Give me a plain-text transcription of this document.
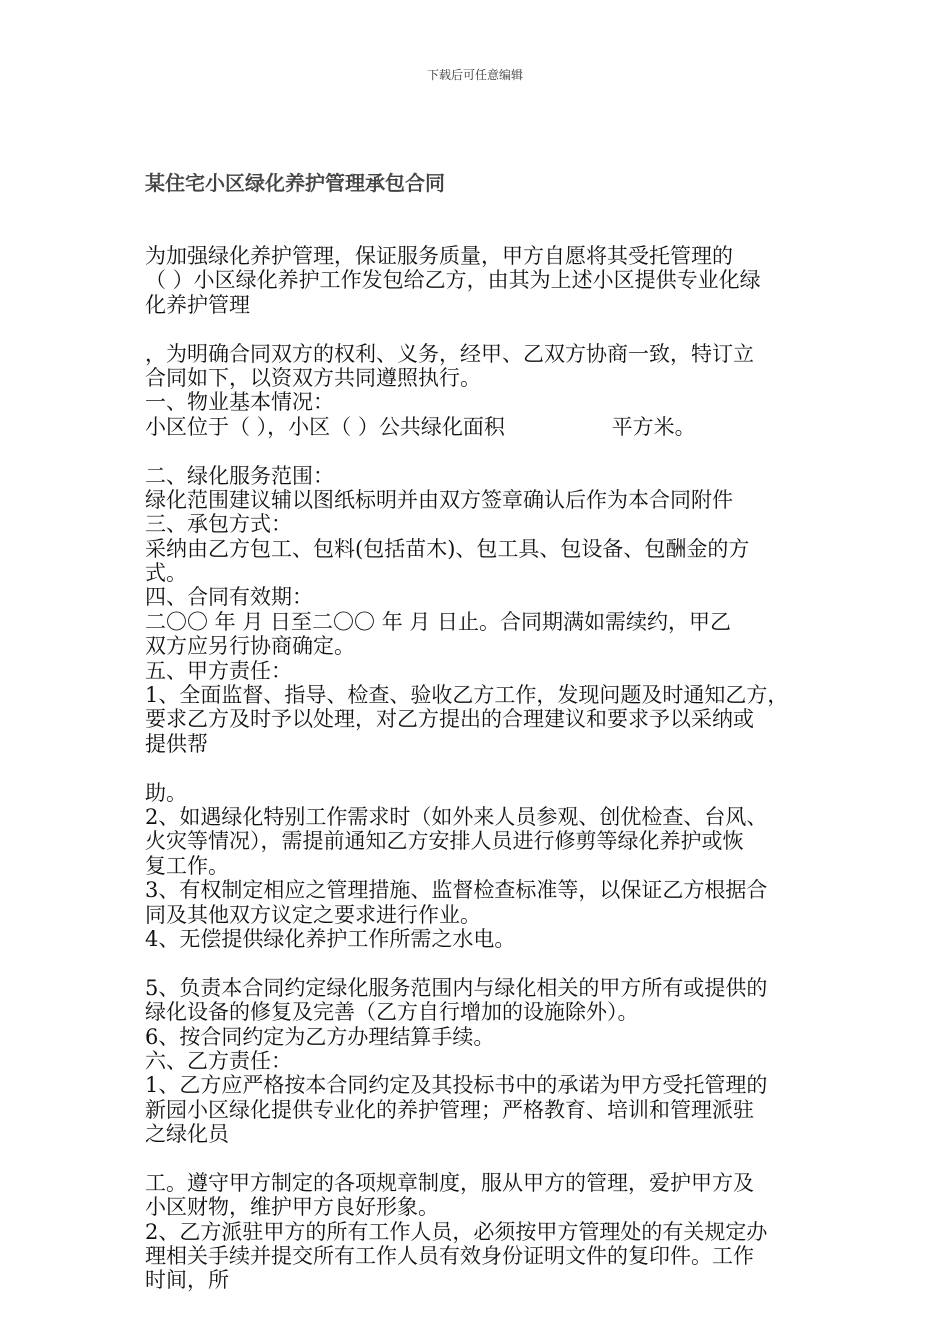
下载后可任意编辑

某住宅小区绿化养护管理承包合同

为加强绿化养护管理，保证服务质量，甲方自愿将其受托管理的
（ ）小区绿化养护工作发包给乙方，由其为上述小区提供专业化绿
化养护管理
，为明确合同双方的权利、义务，经甲、乙双方协商一致，特订立
合同如下，以资双方共同遵照执行。
一、物业基本情况：
小区位于（ ），小区（ ）公共绿化面积                平方米。
二、绿化服务范围：
绿化范围建议辅以图纸标明并由双方签章确认后作为本合同附件
三、承包方式：
采纳由乙方包工、包料(包括苗木)、包工具、包设备、包酬金的方
式。
四、合同有效期：
二〇〇 年 月 日至二〇〇 年 月 日止。合同期满如需续约，甲乙
双方应另行协商确定。
五、甲方责任：
1、全面监督、指导、检查、验收乙方工作，发现问题及时通知乙方，
要求乙方及时予以处理，对乙方提出的合理建议和要求予以采纳或
提供帮
助。
2、如遇绿化特别工作需求时（如外来人员参观、创优检查、台风、
火灾等情况），需提前通知乙方安排人员进行修剪等绿化养护或恢
复工作。
3、有权制定相应之管理措施、监督检查标准等，以保证乙方根据合
同及其他双方议定之要求进行作业。
4、无偿提供绿化养护工作所需之水电。
5、负责本合同约定绿化服务范围内与绿化相关的甲方所有或提供的
绿化设备的修复及完善（乙方自行增加的设施除外）。
6、按合同约定为乙方办理结算手续。
六、乙方责任：
1、乙方应严格按本合同约定及其投标书中的承诺为甲方受托管理的
新园小区绿化提供专业化的养护管理；严格教育、培训和管理派驻
之绿化员
工。遵守甲方制定的各项规章制度，服从甲方的管理，爱护甲方及
小区财物，维护甲方良好形象。
2、乙方派驻甲方的所有工作人员，必须按甲方管理处的有关规定办
理相关手续并提交所有工作人员有效身份证明文件的复印件。工作
时间，所
